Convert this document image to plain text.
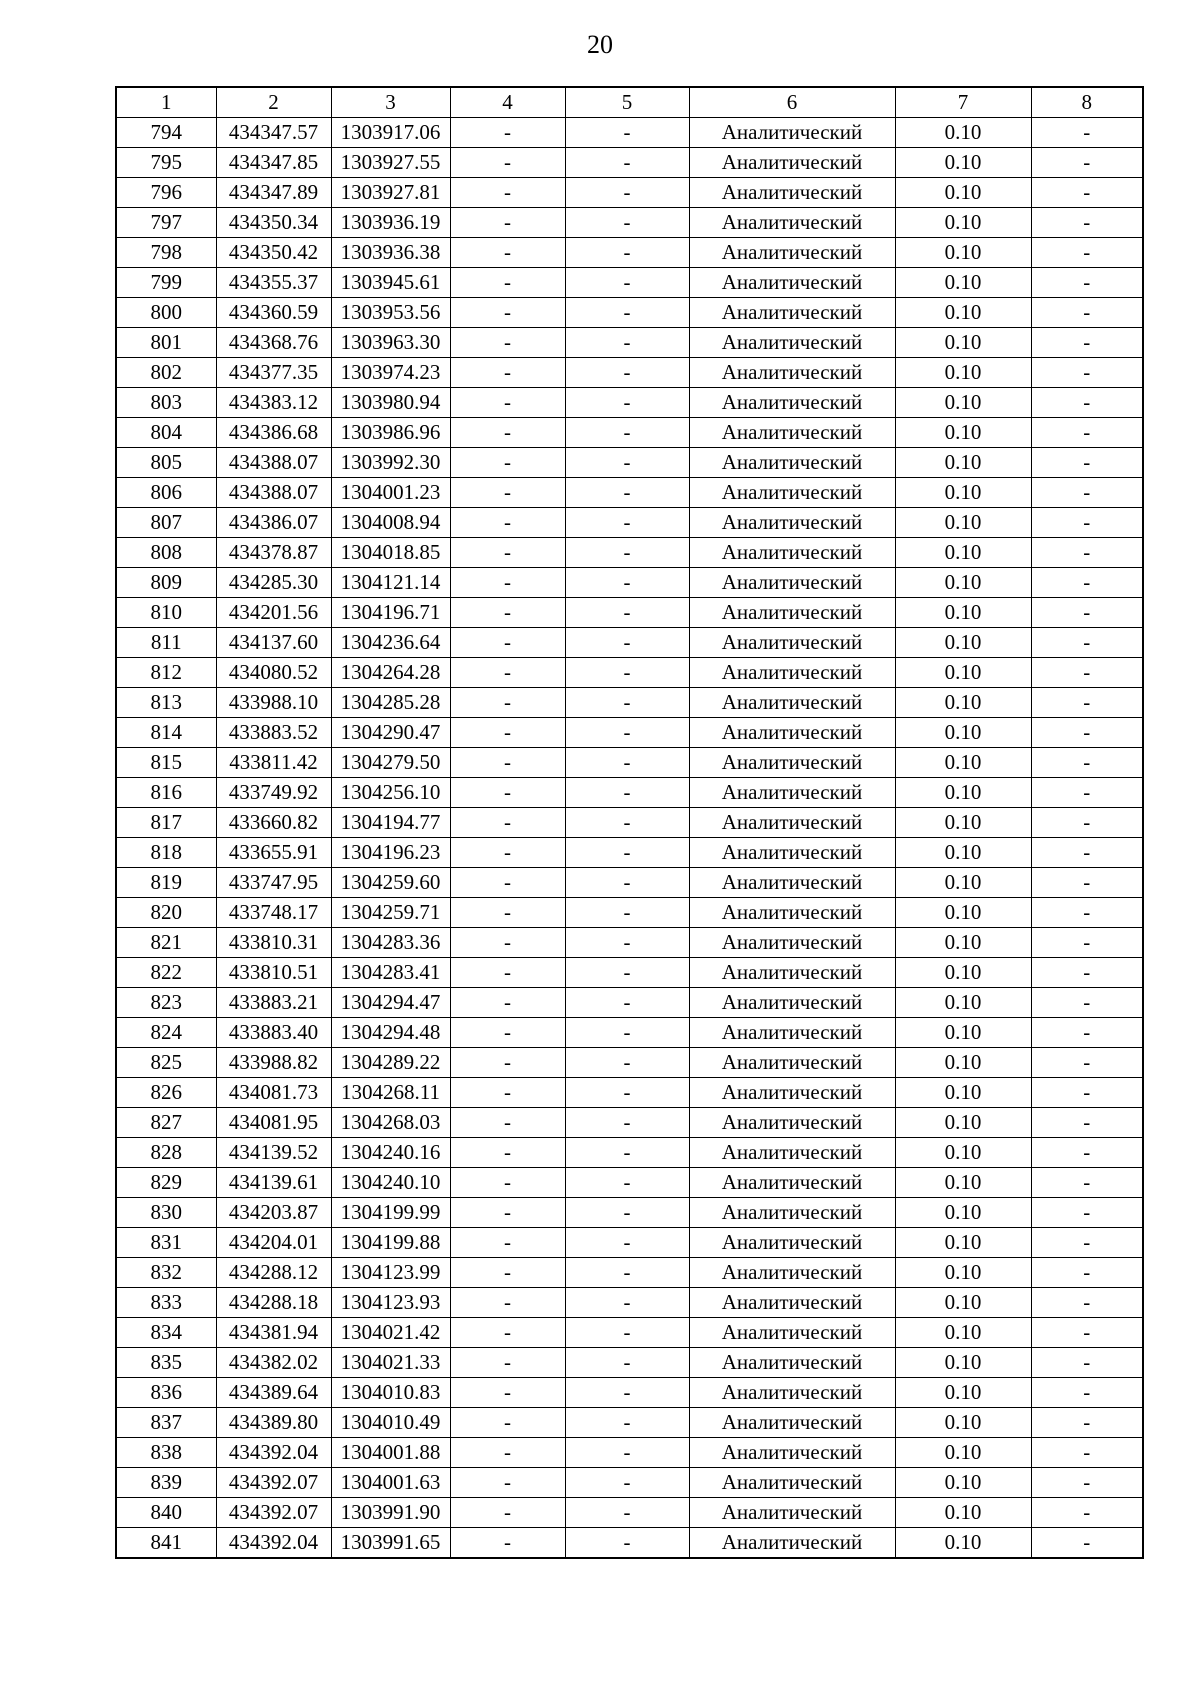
20
1	2	3	4	5	6	7	8
794	434347.57	1303917.06	-	-	Аналитический	0.10	-
795	434347.85	1303927.55	-	-	Аналитический	0.10	-
796	434347.89	1303927.81	-	-	Аналитический	0.10	-
797	434350.34	1303936.19	-	-	Аналитический	0.10	-
798	434350.42	1303936.38	-	-	Аналитический	0.10	-
799	434355.37	1303945.61	-	-	Аналитический	0.10	-
800	434360.59	1303953.56	-	-	Аналитический	0.10	-
801	434368.76	1303963.30	-	-	Аналитический	0.10	-
802	434377.35	1303974.23	-	-	Аналитический	0.10	-
803	434383.12	1303980.94	-	-	Аналитический	0.10	-
804	434386.68	1303986.96	-	-	Аналитический	0.10	-
805	434388.07	1303992.30	-	-	Аналитический	0.10	-
806	434388.07	1304001.23	-	-	Аналитический	0.10	-
807	434386.07	1304008.94	-	-	Аналитический	0.10	-
808	434378.87	1304018.85	-	-	Аналитический	0.10	-
809	434285.30	1304121.14	-	-	Аналитический	0.10	-
810	434201.56	1304196.71	-	-	Аналитический	0.10	-
811	434137.60	1304236.64	-	-	Аналитический	0.10	-
812	434080.52	1304264.28	-	-	Аналитический	0.10	-
813	433988.10	1304285.28	-	-	Аналитический	0.10	-
814	433883.52	1304290.47	-	-	Аналитический	0.10	-
815	433811.42	1304279.50	-	-	Аналитический	0.10	-
816	433749.92	1304256.10	-	-	Аналитический	0.10	-
817	433660.82	1304194.77	-	-	Аналитический	0.10	-
818	433655.91	1304196.23	-	-	Аналитический	0.10	-
819	433747.95	1304259.60	-	-	Аналитический	0.10	-
820	433748.17	1304259.71	-	-	Аналитический	0.10	-
821	433810.31	1304283.36	-	-	Аналитический	0.10	-
822	433810.51	1304283.41	-	-	Аналитический	0.10	-
823	433883.21	1304294.47	-	-	Аналитический	0.10	-
824	433883.40	1304294.48	-	-	Аналитический	0.10	-
825	433988.82	1304289.22	-	-	Аналитический	0.10	-
826	434081.73	1304268.11	-	-	Аналитический	0.10	-
827	434081.95	1304268.03	-	-	Аналитический	0.10	-
828	434139.52	1304240.16	-	-	Аналитический	0.10	-
829	434139.61	1304240.10	-	-	Аналитический	0.10	-
830	434203.87	1304199.99	-	-	Аналитический	0.10	-
831	434204.01	1304199.88	-	-	Аналитический	0.10	-
832	434288.12	1304123.99	-	-	Аналитический	0.10	-
833	434288.18	1304123.93	-	-	Аналитический	0.10	-
834	434381.94	1304021.42	-	-	Аналитический	0.10	-
835	434382.02	1304021.33	-	-	Аналитический	0.10	-
836	434389.64	1304010.83	-	-	Аналитический	0.10	-
837	434389.80	1304010.49	-	-	Аналитический	0.10	-
838	434392.04	1304001.88	-	-	Аналитический	0.10	-
839	434392.07	1304001.63	-	-	Аналитический	0.10	-
840	434392.07	1303991.90	-	-	Аналитический	0.10	-
841	434392.04	1303991.65	-	-	Аналитический	0.10	-
